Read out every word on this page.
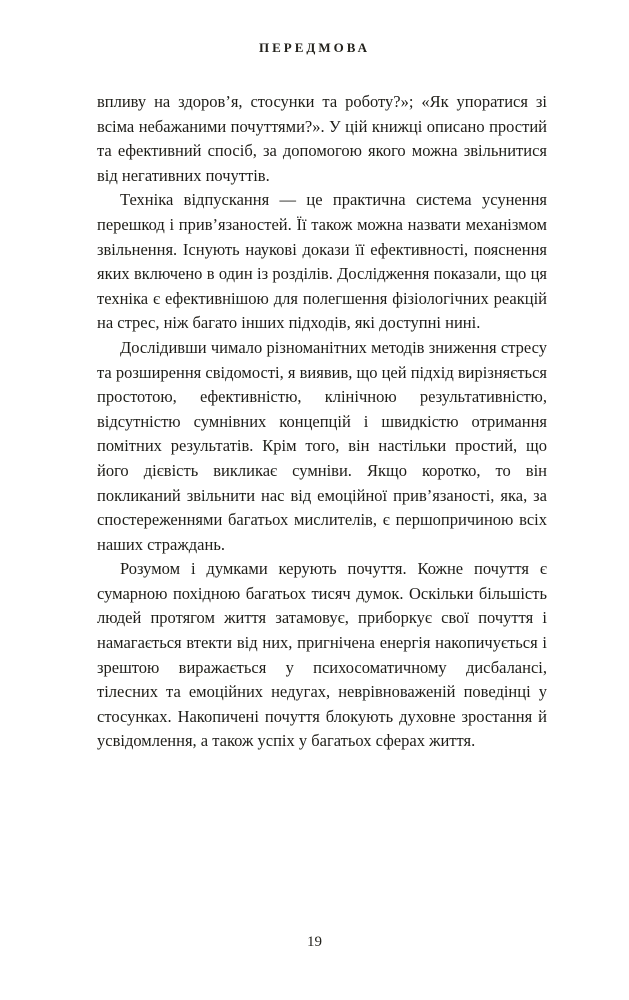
ПЕРЕДМОВА

впливу на здоров’я, стосунки та роботу?»; «Як упоратися зі всіма небажаними почуттями?». У цій книжці описано простий та ефективний спосіб, за допомогою якого можна звільнитися від негативних почуттів.

Техніка відпускання — це практична система усунення перешкод і прив’язаностей. Її також можна назвати механізмом звільнення. Існують наукові докази її ефективності, пояснення яких включено в один із розділів. Дослідження показали, що ця техніка є ефективнішою для полегшення фізіологічних реакцій на стрес, ніж багато інших підходів, які доступні нині.

Дослідивши чимало різноманітних методів зниження стресу та розширення свідомості, я виявив, що цей підхід вирізняється простотою, ефективністю, клінічною результативністю, відсутністю сумнівних концепцій і швидкістю отримання помітних результатів. Крім того, він настільки простий, що його дієвість викликає сумніви. Якщо коротко, то він покликаний звільнити нас від емоційної прив’язаності, яка, за спостереженнями багатьох мислителів, є першопричиною всіх наших страждань.

Розумом і думками керують почуття. Кожне почуття є сумарною похідною багатьох тисяч думок. Оскільки більшість людей протягом життя затамовує, приборкує свої почуття і намагається втекти від них, пригнічена енергія накопичується і зрештою виражається у психосоматичному дисбалансі, тілесних та емоційних недугах, неврівноваженій поведінці у стосунках. Накопичені почуття блокують духовне зростання й усвідомлення, а також успіх у багатьох сферах життя.

19
